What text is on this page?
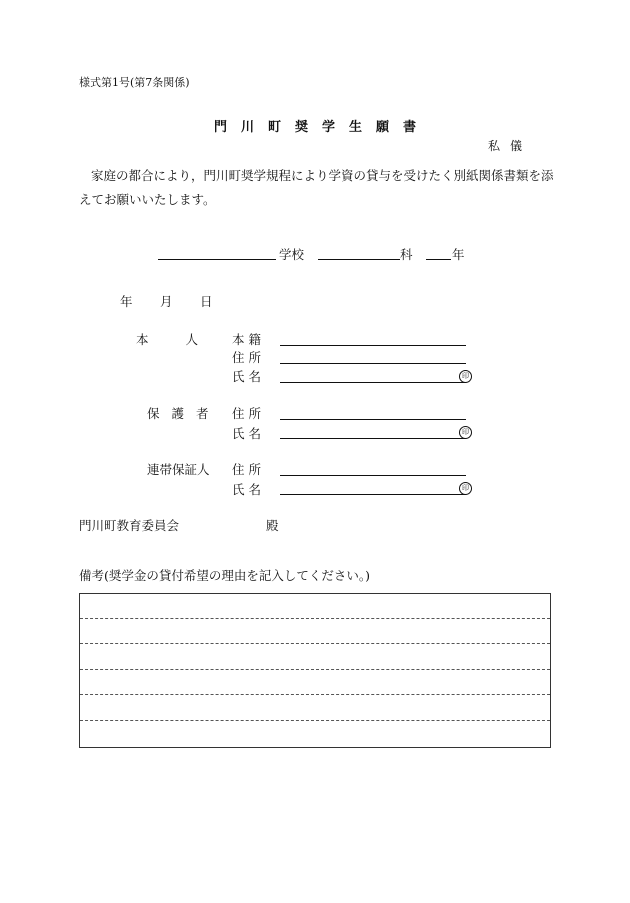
様式第1号(第7条関係)
門川町奨学生願書
私儀
家庭の都合により，門川町奨学規程により学資の貸与を受けたく別紙関係書類を添えてお願いいたします。
学校	科	年
年 月 日
本　　人 本 籍
住 所
氏 名	印
保 護 者 住 所
氏 名	印
連帯保証人 住 所
氏 名	印
門川町教育委員会	殿
備考(奨学金の貸付希望の理由を記入してください。)
